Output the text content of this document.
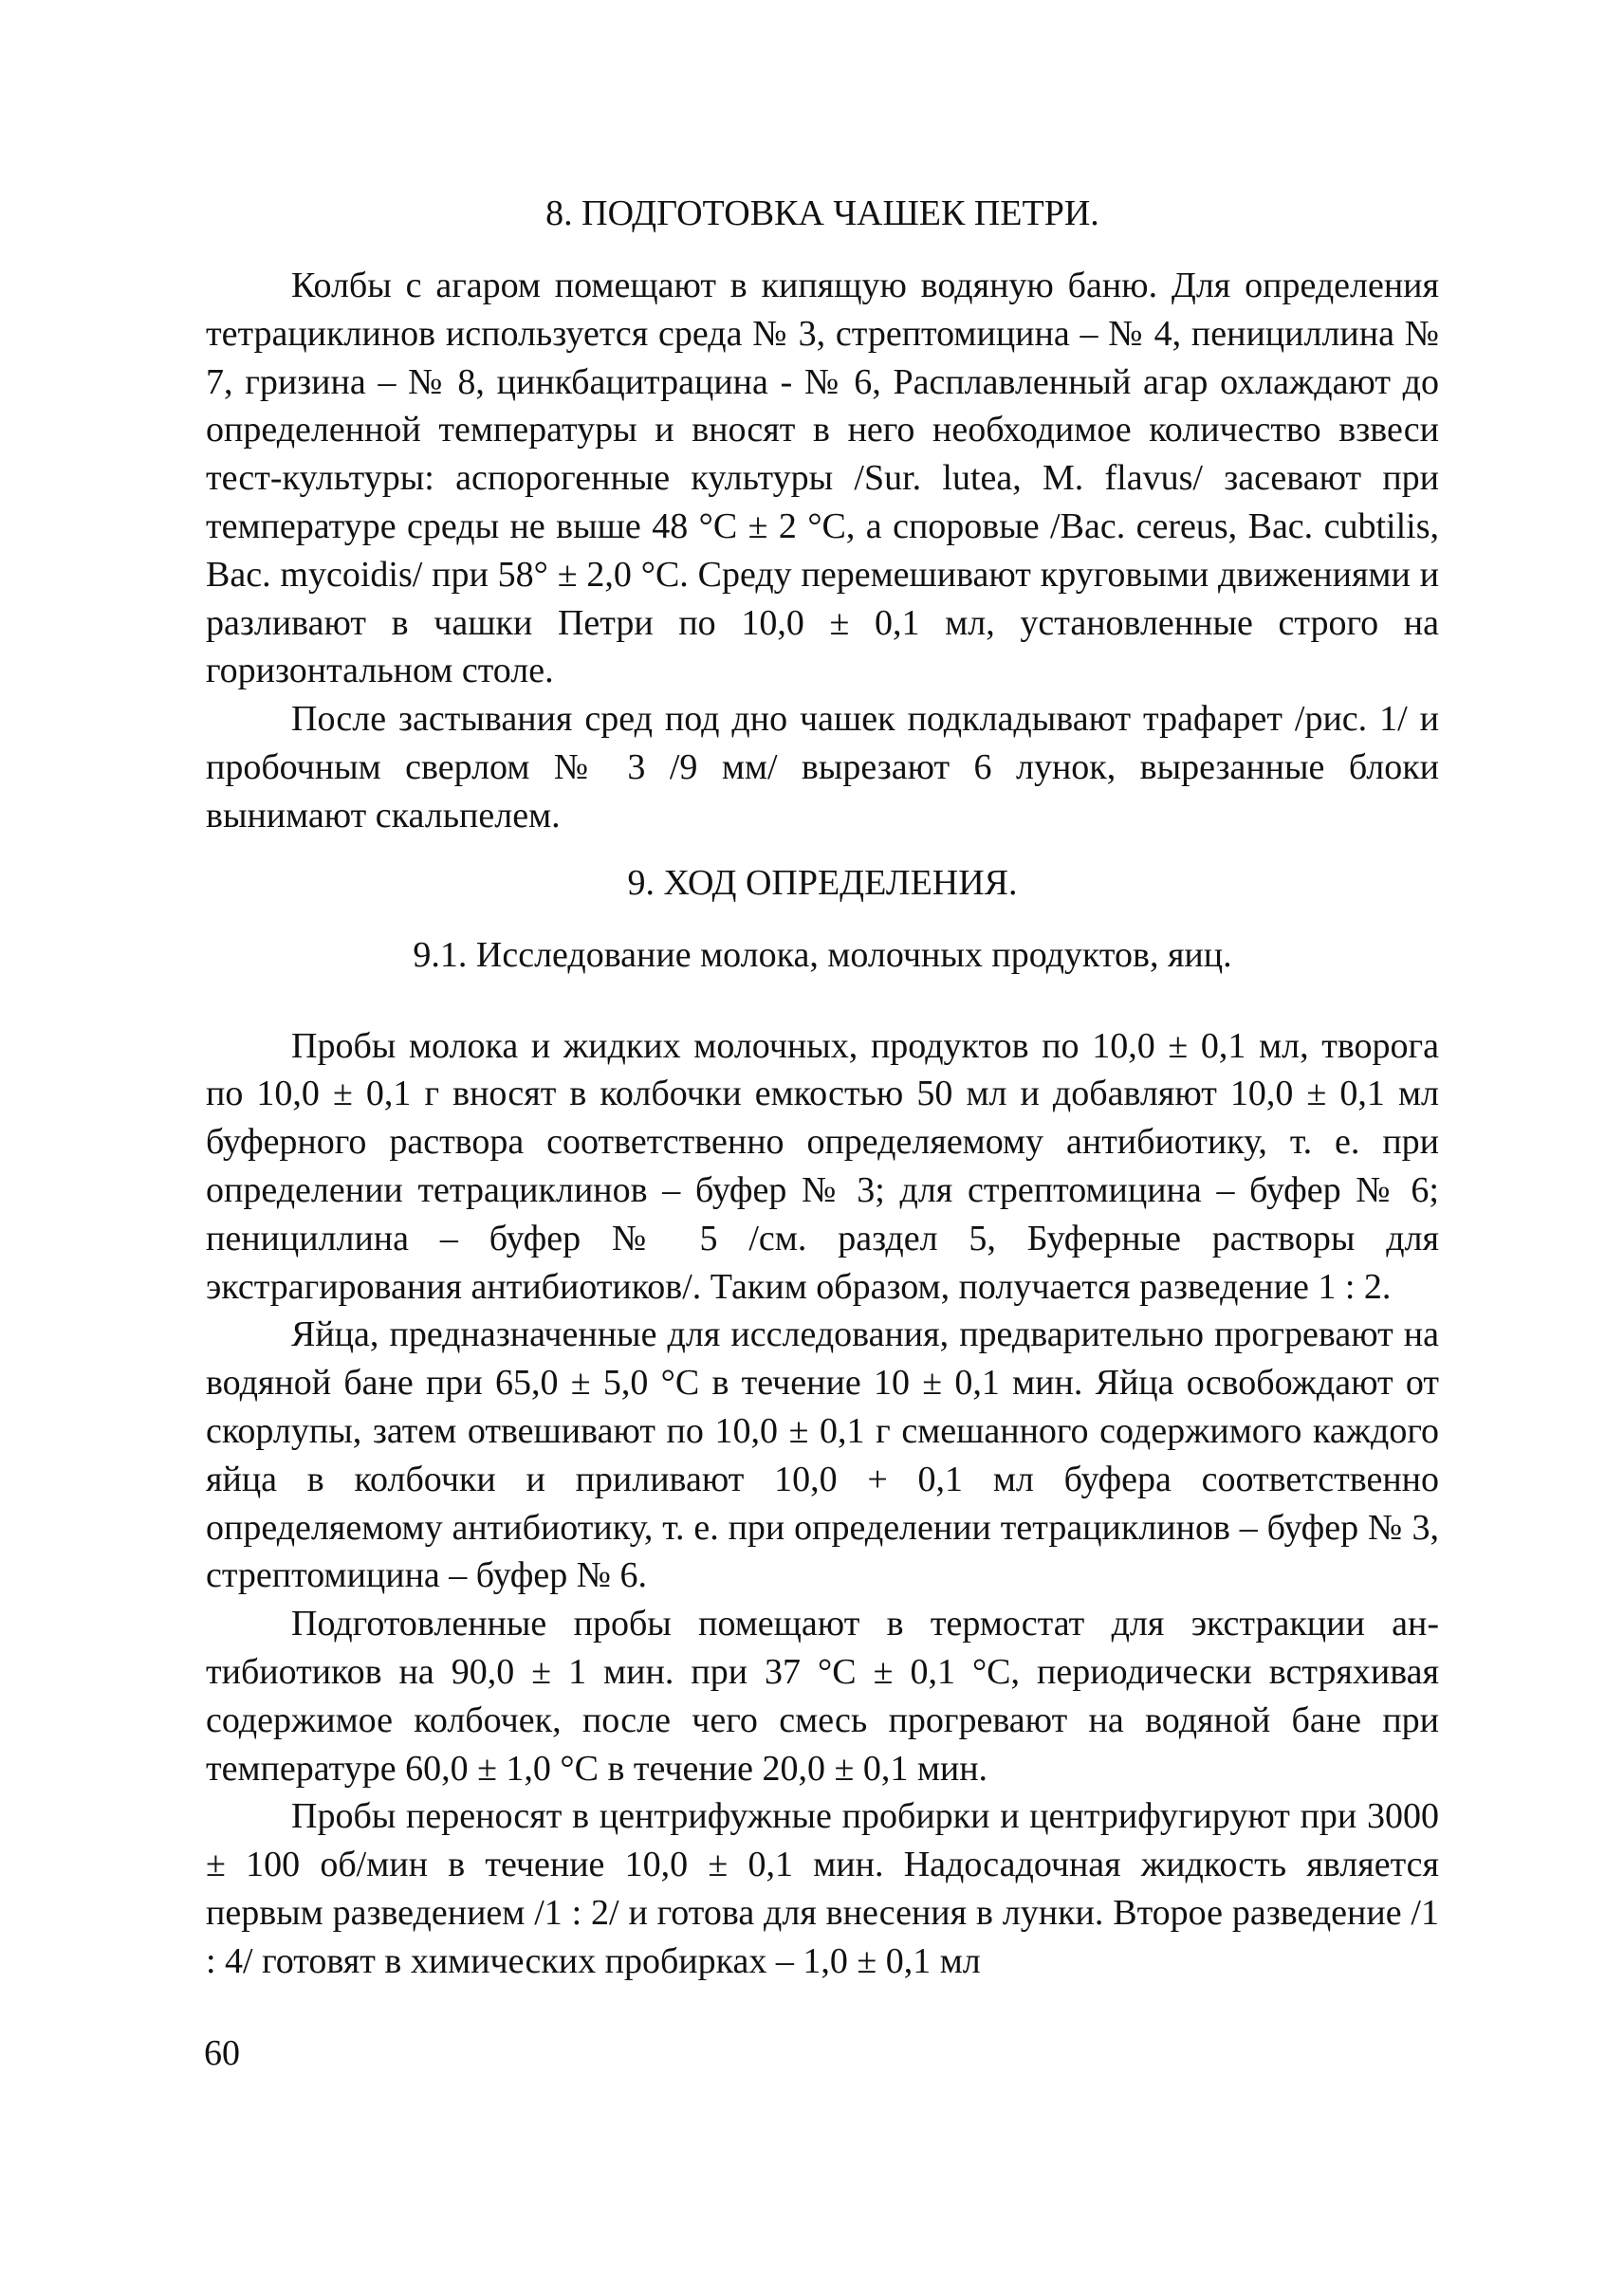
8. ПОДГОТОВКА ЧАШЕК ПЕТРИ.

Колбы с агаром помещают в кипящую водяную баню. Для определения тетрациклинов используется среда № 3, стрептомицина – № 4, пенициллина № 7, гризина – № 8, цинкбацитрацина - № 6, Расплавленный агар охлаждают до определенной температуры и вносят в него необходимое количество взвеси тест-культуры: аспорогенные культуры /Sur. lutea, M. flavus/ засевают при температуре среды не выше 48 °С ± 2 °С, а споровые /Bac. cereus, Bac. cubtilis, Bac. mycoidis/ при 58° ± 2,0 °С. Среду перемешивают круговыми движениями и разливают в чашки Петри по 10,0 ± 0,1 мл, установленные строго на горизонтальном столе.

После застывания сред под дно чашек подкладывают трафарет /рис. 1/ и пробочным сверлом № 3 /9 мм/ вырезают 6 лунок, вырезанные блоки вынимают скальпелем.

9. ХОД ОПРЕДЕЛЕНИЯ.
9.1. Исследование молока, молочных продуктов, яиц.

Пробы молока и жидких молочных, продуктов по 10,0 ± 0,1 мл, творога по 10,0 ± 0,1 г вносят в колбочки емкостью 50 мл и добавляют 10,0 ± 0,1 мл буферного раствора соответственно определяемому антибиотику, т. е. при определении тетрациклинов – буфер № 3; для стрептомицина – буфер № 6; пенициллина – буфер № 5 /см. раздел 5, Буферные растворы для экстрагирования антибиотиков/. Таким образом, получается разведение 1 : 2.

Яйца, предназначенные для исследования, предварительно прогревают на водяной бане при 65,0 ± 5,0 °С в течение 10 ± 0,1 мин. Яйца освобождают от скорлупы, затем отвешивают по 10,0 ± 0,1 г смешанного содержимого каждого яйца в колбочки и приливают 10,0 + 0,1 мл буфера соответственно определяемому антибиотику, т. е. при определении тетрациклинов – буфер № 3, стрептомицина – буфер № 6.

Подготовленные пробы помещают в термостат для экстракции антибиотиков на 90,0 ± 1 мин. при 37 °С ± 0,1 °С, периодически встряхивая содержимое колбочек, после чего смесь прогревают на водяной бане при температуре 60,0 ± 1,0 °С в течение 20,0 ± 0,1 мин.

Пробы переносят в центрифужные пробирки и центрифугируют при 3000 ± 100 об/мин в течение 10,0 ± 0,1 мин. Надосадочная жидкость является первым разведением /1 : 2/ и готова для внесения в лунки. Второе разведение /1 : 4/ готовят в химических пробирках – 1,0 ± 0,1 мл

60
